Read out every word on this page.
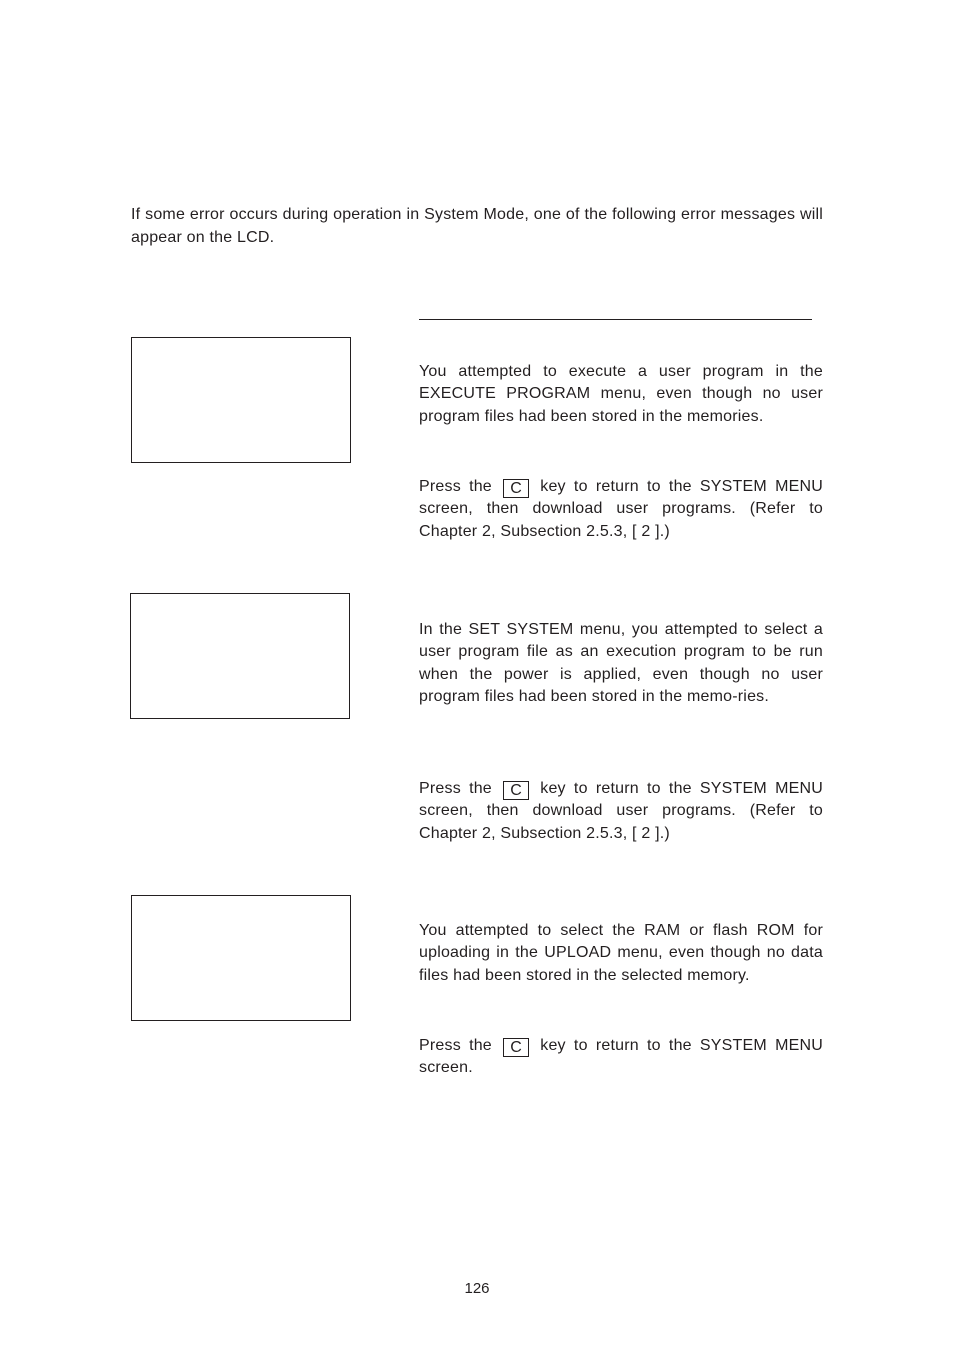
If some error occurs during operation in System Mode, one of the following error messages will appear on the LCD.

You attempted to execute a user program in the EXECUTE PROGRAM menu, even though no user program files had been stored in the memories.

Press the C key to return to the SYSTEM MENU screen, then download user programs. (Refer to Chapter 2, Subsection 2.5.3, [ 2 ].)

In the SET SYSTEM menu, you attempted to select a user program file as an execution program to be run when the power is applied, even though no user program files had been stored in the memo-ries.

Press the C key to return to the SYSTEM MENU screen, then download user programs. (Refer to Chapter 2, Subsection 2.5.3, [ 2 ].)

You attempted to select the RAM or flash ROM for uploading in the UPLOAD menu, even though no data files had been stored in the selected memory.

Press the C key to return to the SYSTEM MENU screen.

126
